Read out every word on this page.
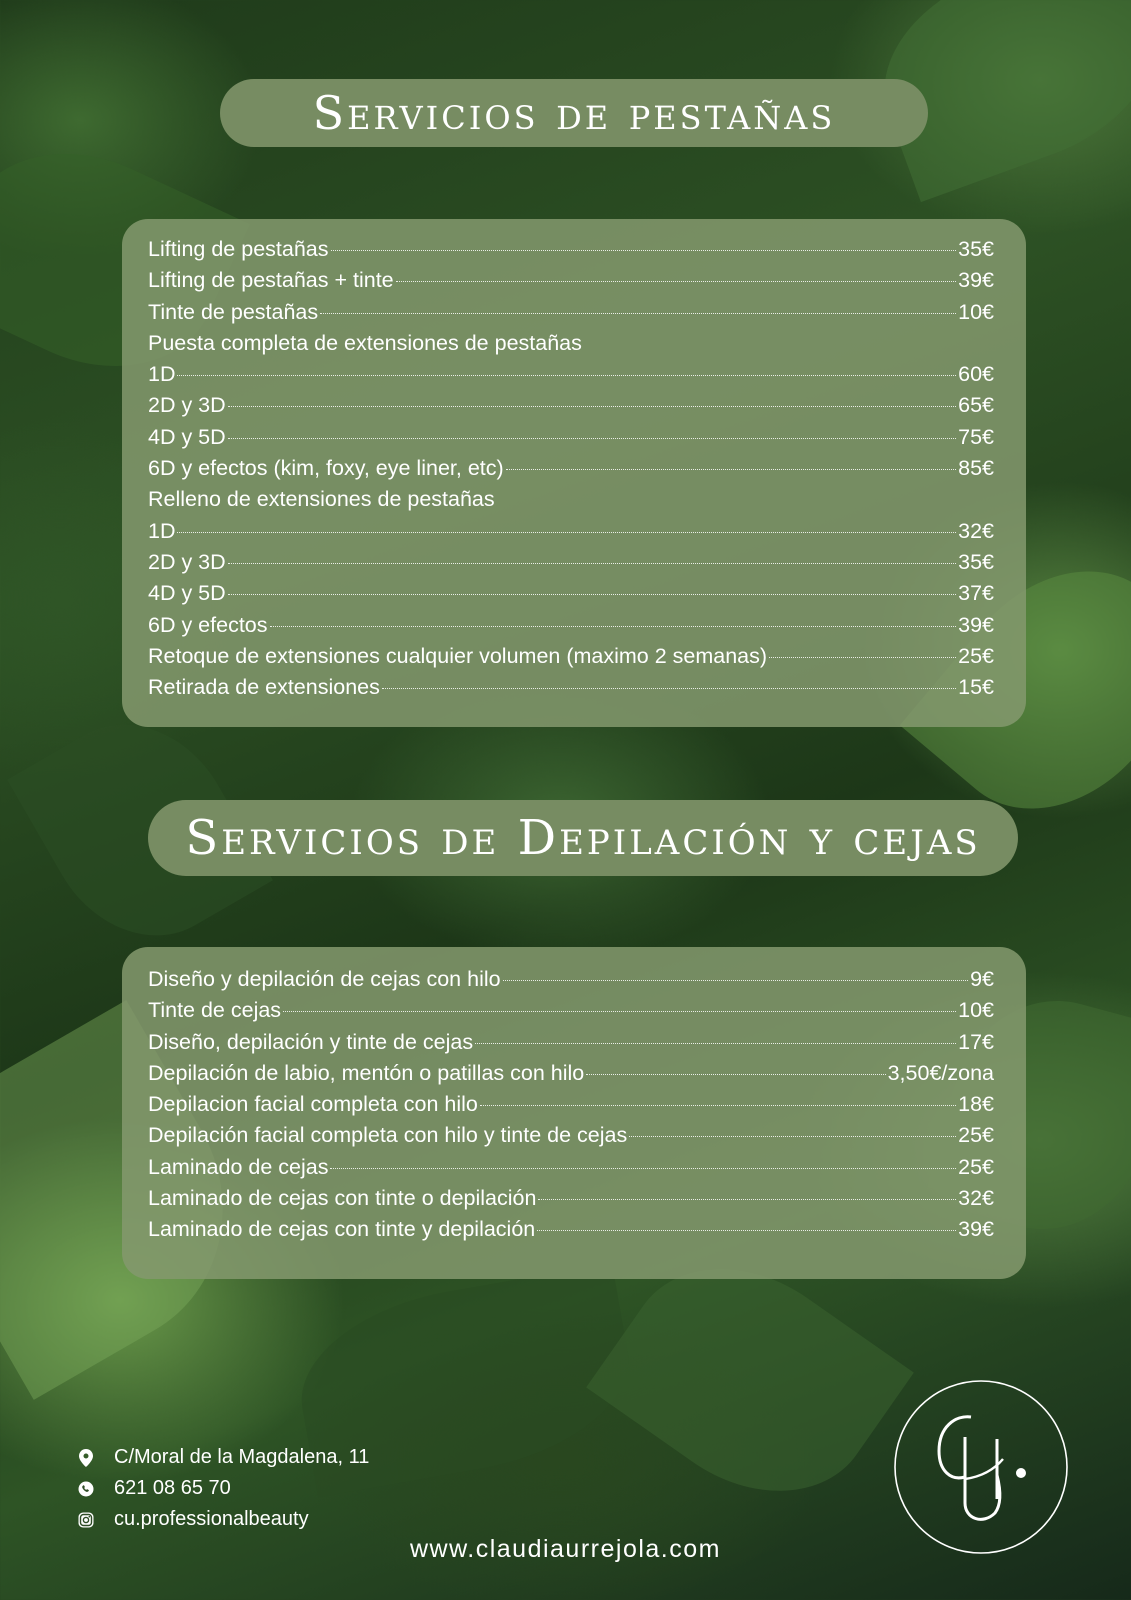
Servicios de pestañas
Lifting de pestañas	35€
Lifting de pestañas + tinte	39€
Tinte de pestañas	10€
Puesta completa de extensiones de pestañas
1D	60€
2D y 3D	65€
4D y 5D	75€
6D y efectos (kim, foxy, eye liner, etc)	85€
Relleno de extensiones de pestañas
1D	32€
2D y 3D	35€
4D y 5D	37€
6D y efectos	39€
Retoque de extensiones cualquier volumen (maximo 2 semanas)	25€
Retirada de extensiones	15€
Servicios de Depilación y cejas
Diseño y depilación de cejas con hilo	9€
Tinte de cejas	10€
Diseño, depilación y tinte de cejas	17€
Depilación de labio, mentón o patillas con hilo	3,50€/zona
Depilacion facial completa con hilo	18€
Depilación facial completa con hilo y tinte de cejas	25€
Laminado de cejas	25€
Laminado de cejas con tinte o depilación	32€
Laminado de cejas con tinte y depilación	39€
C/Moral de la Magdalena, 11
621 08 65 70
cu.professionalbeauty
www.claudiaurrejola.com
